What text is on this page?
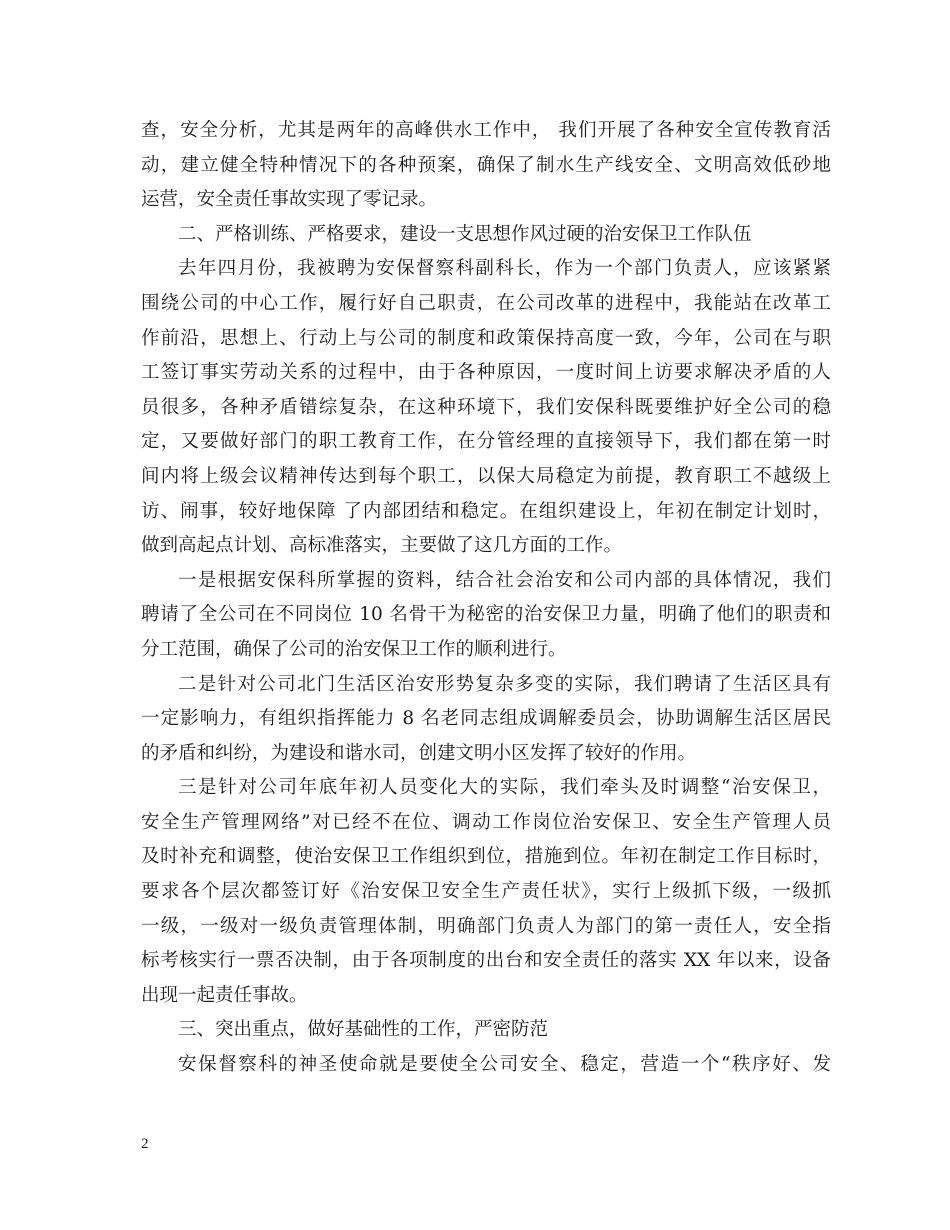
查，安全分析，尤其是两年的高峰供水工作中， 我们开展了各种安全宣传教育活
动，建立健全特种情况下的各种预案，确保了制水生产线安全、文明高效低砂地
运营，安全责任事故实现了零记录。
二、严格训练、严格要求，建设一支思想作风过硬的治安保卫工作队伍
去年四月份，我被聘为安保督察科副科长，作为一个部门负责人，应该紧紧
围绕公司的中心工作，履行好自己职责，在公司改革的进程中，我能站在改革工
作前沿，思想上、行动上与公司的制度和政策保持高度一致，今年，公司在与职
工签订事实劳动关系的过程中，由于各种原因，一度时间上访要求解决矛盾的人
员很多，各种矛盾错综复杂，在这种环境下，我们安保科既要维护好全公司的稳
定，又要做好部门的职工教育工作，在分管经理的直接领导下，我们都在第一时
间内将上级会议精神传达到每个职工，以保大局稳定为前提，教育职工不越级上
访、闹事，较好地保障 了内部团结和稳定。在组织建设上，年初在制定计划时，
做到高起点计划、高标准落实，主要做了这几方面的工作。
一是根据安保科所掌握的资料，结合社会治安和公司内部的具体情况，我们
聘请了全公司在不同岗位 10 名骨干为秘密的治安保卫力量，明确了他们的职责和
分工范围，确保了公司的治安保卫工作的顺利进行。
二是针对公司北门生活区治安形势复杂多变的实际，我们聘请了生活区具有
一定影响力，有组织指挥能力 8 名老同志组成调解委员会，协助调解生活区居民
的矛盾和纠纷，为建设和谐水司，创建文明小区发挥了较好的作用。
三是针对公司年底年初人员变化大的实际，我们牵头及时调整“治安保卫，
安全生产管理网络”对已经不在位、调动工作岗位治安保卫、安全生产管理人员
及时补充和调整，使治安保卫工作组织到位，措施到位。年初在制定工作目标时，
要求各个层次都签订好《治安保卫安全生产责任状》，实行上级抓下级，一级抓
一级，一级对一级负责管理体制，明确部门负责人为部门的第一责任人，安全指
标考核实行一票否决制，由于各项制度的出台和安全责任的落实 XX 年以来，设备
出现一起责任事故。
三、突出重点，做好基础性的工作，严密防范
安保督察科的神圣使命就是要使全公司安全、稳定，营造一个“秩序好、发
2
